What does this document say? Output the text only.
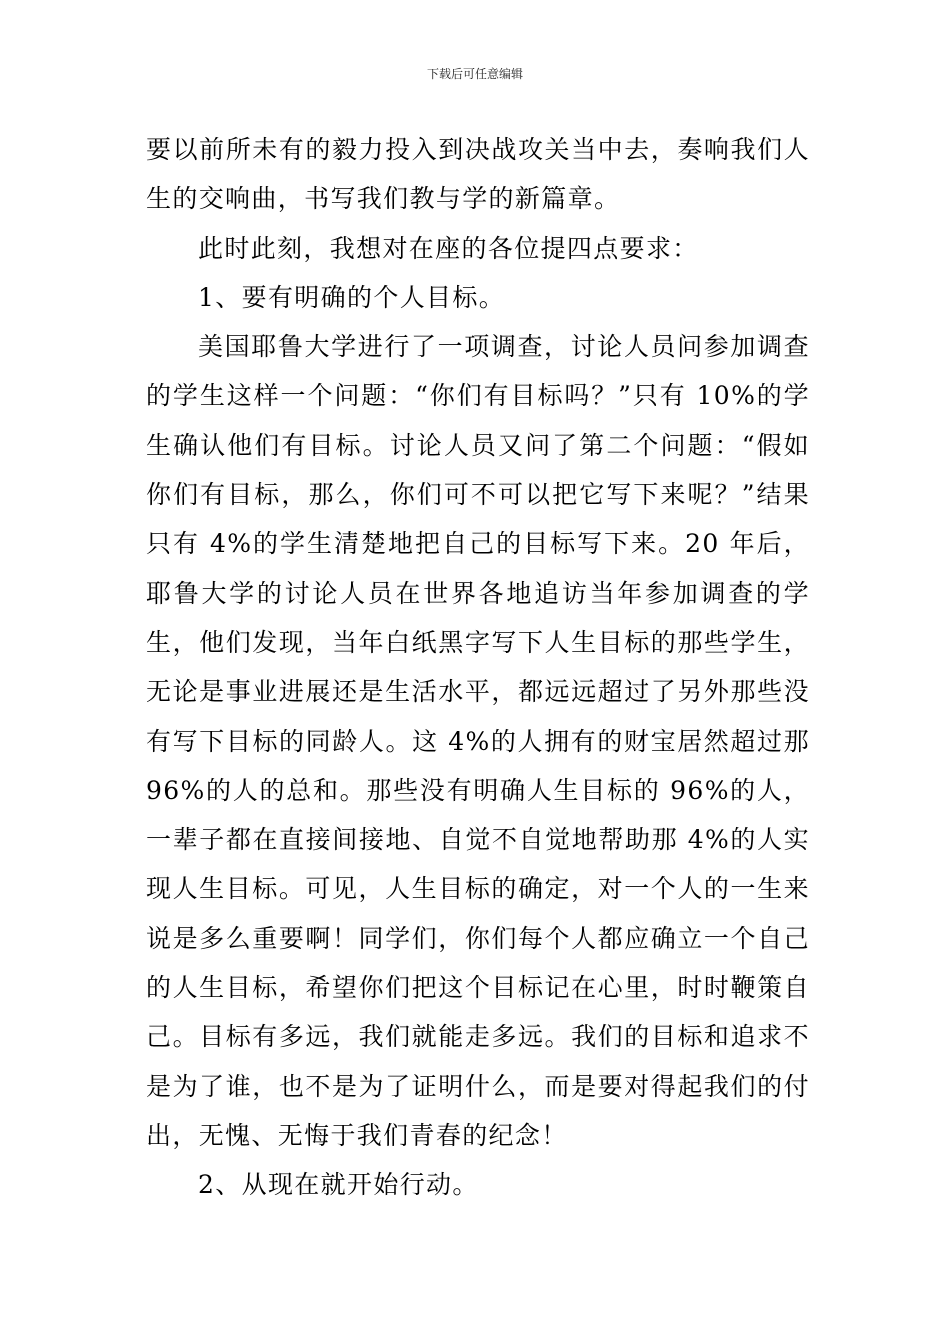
下载后可任意编辑

要以前所未有的毅力投入到决战攻关当中去，奏响我们人生的交响曲，书写我们教与学的新篇章。

此时此刻，我想对在座的各位提四点要求：

1、要有明确的个人目标。

美国耶鲁大学进行了一项调查，讨论人员问参加调查的学生这样一个问题：“你们有目标吗？”只有 10%的学生确认他们有目标。讨论人员又问了第二个问题：“假如你们有目标，那么，你们可不可以把它写下来呢？”结果只有 4%的学生清楚地把自己的目标写下来。20 年后，耶鲁大学的讨论人员在世界各地追访当年参加调查的学生，他们发现，当年白纸黑字写下人生目标的那些学生，无论是事业进展还是生活水平，都远远超过了另外那些没有写下目标的同龄人。这 4%的人拥有的财宝居然超过那 96%的人的总和。那些没有明确人生目标的 96%的人，一辈子都在直接间接地、自觉不自觉地帮助那 4%的人实现人生目标。可见，人生目标的确定，对一个人的一生来说是多么重要啊！同学们，你们每个人都应确立一个自己的人生目标，希望你们把这个目标记在心里，时时鞭策自己。目标有多远，我们就能走多远。我们的目标和追求不是为了谁，也不是为了证明什么，而是要对得起我们的付出，无愧、无悔于我们青春的纪念！

2、从现在就开始行动。
